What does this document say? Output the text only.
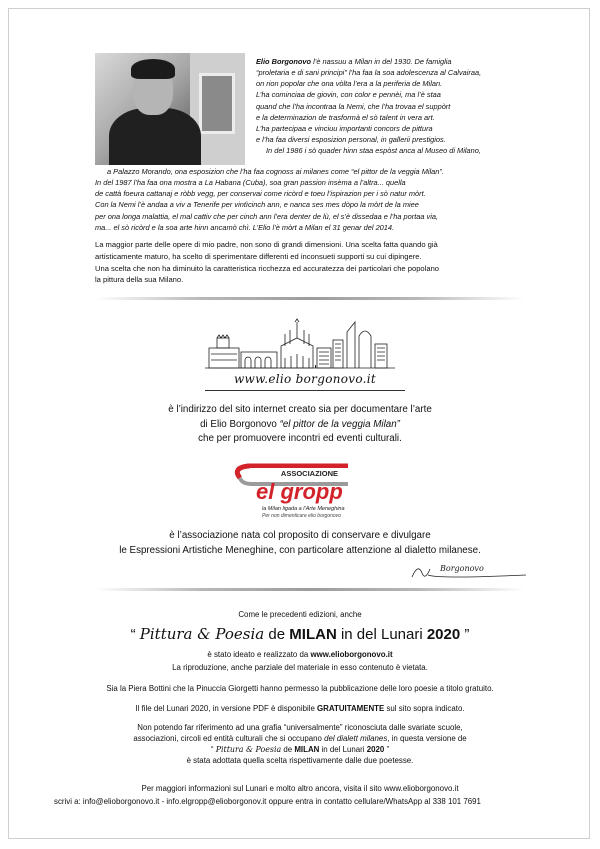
Elio Borgonovo l’è nassuu a Milan in del 1930. De famiglia

“proletaria e di sani principi” l’ha faa la soa adolescenza al Calvairaa,

on rion popolar che ona vòlta l’era a la periferia de Milan.

L’ha cominciaa de giovin, con color e pennèi, ma l’è staa

quand che l’ha incontraa la Nemi, che l’ha trovaa el suppòrt

e la determinazion de trasformà el sò talent in vera art.

L’ha partecipaa e vinciuu importanti concors de pittura

e l’ha faa diversi esposizion personal, in gallerii prestigios.

In del 1986 i sò quader hinn staa espòst anca al Museo di Milano,

a Palazzo Morando, ona esposizion che l’ha faa cognoss ai milanes come “el pittor de la veggia Milan”.

In del 1987 l’ha faa ona mostra a La Habana (Cuba), soa gran passion insèma a l’altra... quella

de cattà foeura cattanaj e ròbb vegg, per conservai come ricòrd e toeu l’ispirazion per i sò natur mòrt.

Con la Nemi l’è andaa a viv a Tenerife per vintìcinch ann, e nanca ses mes dòpo la mòrt de la miee

per ona longa malattia, el mal cattiv che per cinch ann l’era denter de lù, el s’è dissedaa e l’ha portaa via,

ma... el sò ricòrd e la soa arte hinn ancamò chì. L’Elio l’è mòrt a Milan el 31 genar del 2014.

La maggior parte delle opere di mio padre, non sono di grandi dimensioni. Una scelta fatta quando già

artisticamente maturo, ha scelto di sperimentare differenti ed inconsueti supporti su cui dipingere.

Una scelta che non ha diminuito la caratteristica ricchezza ed accuratezza dei particolari che popolano

la pittura della sua Milano.

www.elio borgonovo.it
è l’indirizzo del sito internet creato sia per documentare l’arte
di Elio Borgonovo “el pittor de la veggia Milan”
che per promuovere incontri ed eventi culturali.
ASSOCIAZIONE
el gropp
la Milan ligada a l’Arte Meneghina
Per non dimenticare elio borgonovo
è l’associazione nata col proposito di conservare e divulgare
le Espressioni Artistiche Meneghine, con particolare attenzione al dialetto milanese.
Borgonovo
Come le precedenti edizioni, anche
“ Pittura & Poesia de MILAN in del Lunari 2020 ”
è stato ideato e realizzato da www.elioborgonovo.it
La riproduzione, anche parziale del materiale in esso contenuto è vietata.
Sia la Piera Bottini che la Pinuccia Giorgetti hanno permesso la pubblicazione delle loro poesie a titolo gratuito.
Il file del Lunari 2020, in versione PDF è disponibile GRATUITAMENTE sul sito sopra indicato.
Non potendo far riferimento ad una grafia “universalmente” riconosciuta dalle svariate scuole,
associazioni, circoli ed entità culturali che si occupano del dialett milanes, in questa versione de
“ Pittura & Poesia de MILAN in del Lunari 2020 ”
è stata adottata quella scelta rispettivamente dalle due poetesse.
Per maggiori informazioni sul Lunari e molto altro ancora, visita il sito www.elioborgonovo.it
scrivi a: info@elioborgonovo.it - info.elgropp@elioborgonov.it oppure entra in contatto cellulare/WhatsApp al 338 101 7691
